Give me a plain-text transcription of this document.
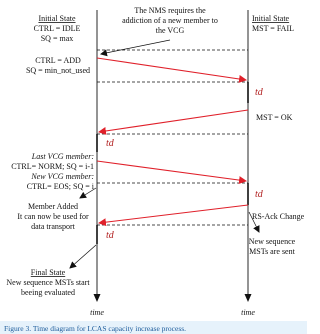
td
td
td
td
Initial State
CTRL = IDLE
SQ = max
The NMS requires the
addiction of a new member to
the VCG
Initial State
MST = FAIL
CTRL = ADD
SQ = min_not_used
MST = OK
Last VCG member:
CTRL= NORM; SQ = i-1
New VCG member:
CTRL= EOS; SQ = i
Member Added
It can now be used for
data transport
RS-Ack Change
Final State
New sequence MSTs start
beeing evaluated
New sequence
MSTs are sent
time	time
Figure 3. Time diagram for LCAS capacity increase process.
